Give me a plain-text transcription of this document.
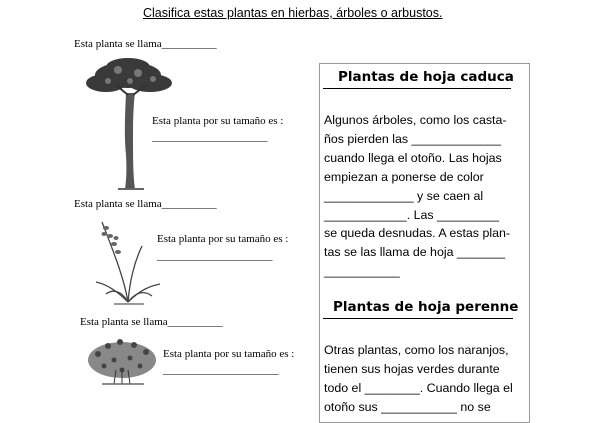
Clasifica estas plantas en hierbas, árboles o arbustos.
Esta planta se llama__________
Esta planta por su tamaño es :
_____________________
Esta planta se llama__________
Esta planta por su tamaño es :
_____________________
Esta planta se llama__________
Esta planta por su tamaño es :
_____________________
Plantas de hoja caduca
Algunos árboles, como los casta-
ños pierden las _____________
cuando llega el otoño. Las hojas
empiezan a ponerse de color
_____________ y se caen al
____________. Las _________
se queda desnudas. A estas plan-
tas se las llama de hoja _______
___________
Plantas de hoja perenne
Otras plantas, como los naranjos,
tienen sus hojas verdes durante
todo el ________. Cuando llega el
otoño sus ___________ no se
